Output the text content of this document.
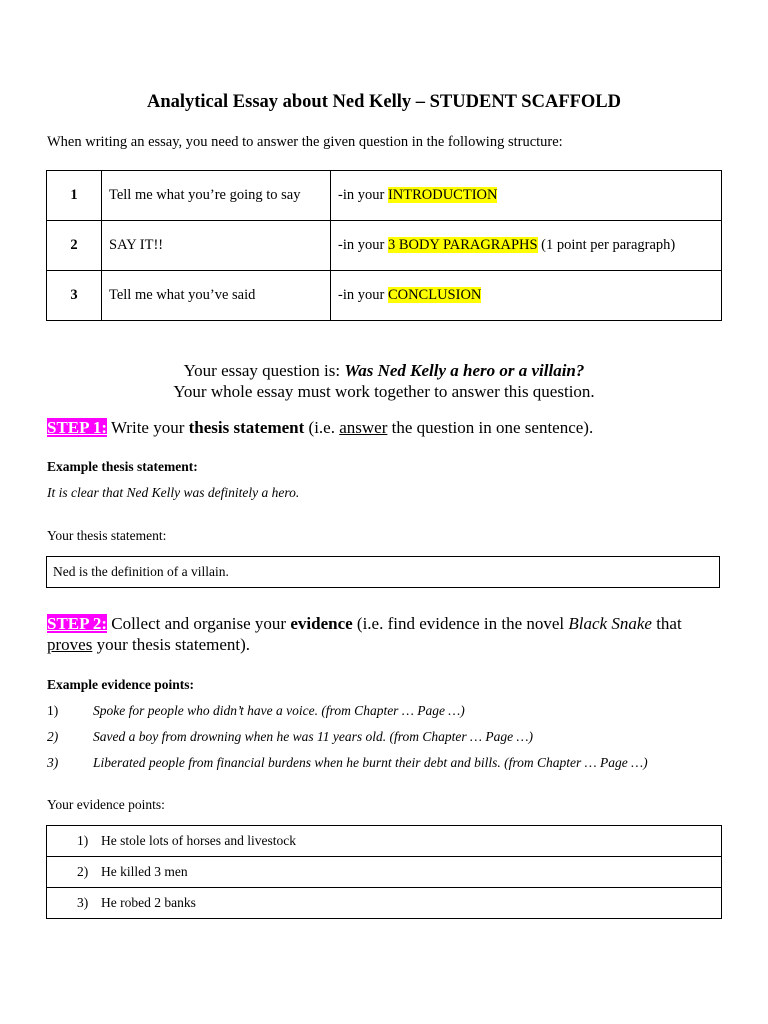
Analytical Essay about Ned Kelly – STUDENT SCAFFOLD
When writing an essay, you need to answer the given question in the following structure:
1	Tell me what you’re going to say	-in your INTRODUCTION
2	SAY IT!!	-in your 3 BODY PARAGRAPHS (1 point per paragraph)
3	Tell me what you’ve said	-in your CONCLUSION
Your essay question is: Was Ned Kelly a hero or a villain?
Your whole essay must work together to answer this question.
STEP 1: Write your thesis statement (i.e. answer the question in one sentence).
Example thesis statement:
It is clear that Ned Kelly was definitely a hero.
Your thesis statement:
Ned is the definition of a villain.
STEP 2: Collect and organise your evidence (i.e. find evidence in the novel Black Snake that
proves your thesis statement).
Example evidence points:
1)	Spoke for people who didn’t have a voice. (from Chapter … Page …)
2)	Saved a boy from drowning when he was 11 years old. (from Chapter … Page …)
3)	Liberated people from financial burdens when he burnt their debt and bills. (from Chapter … Page …)
Your evidence points:
1) He stole lots of horses and livestock
2) He killed 3 men
3) He robed 2 banks
